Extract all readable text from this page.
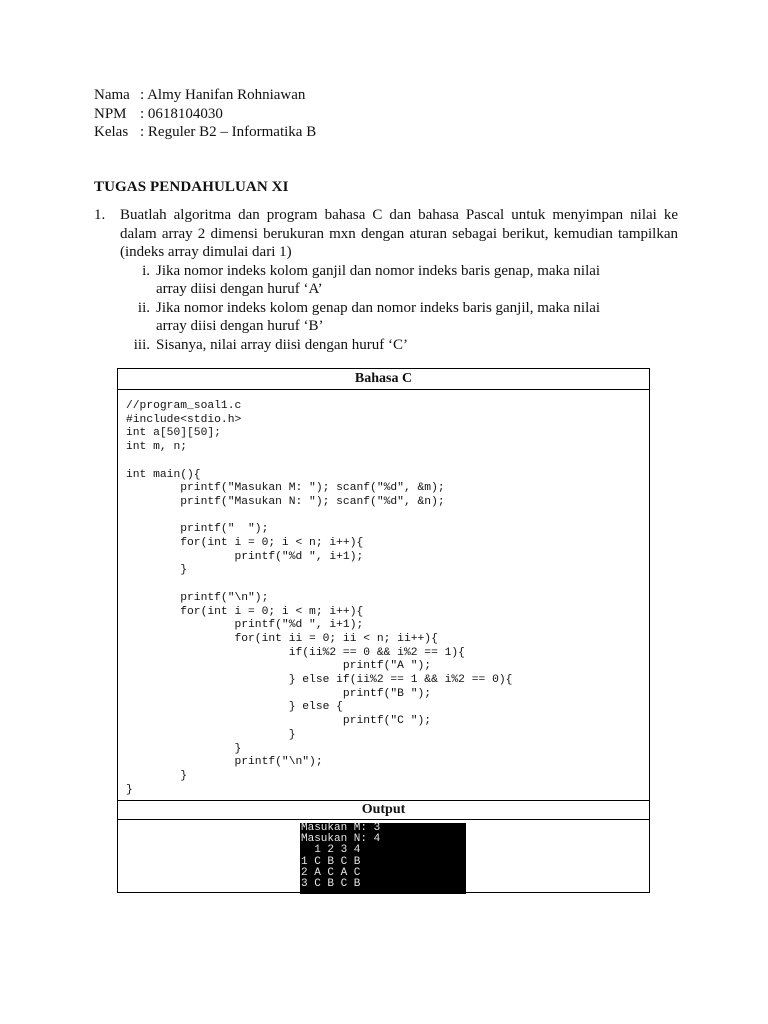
Nama : Almy Hanifan Rohniawan
NPM : 0618104030
Kelas : Reguler B2 – Informatika B
TUGAS PENDAHULUAN XI
1. Buatlah algoritma dan program bahasa C dan bahasa Pascal untuk menyimpan nilai ke dalam array 2 dimensi berukuran mxn dengan aturan sebagai berikut, kemudian tampilkan (indeks array dimulai dari 1)
i. Jika nomor indeks kolom ganjil dan nomor indeks baris genap, maka nilai array diisi dengan huruf ‘A’
ii. Jika nomor indeks kolom genap dan nomor indeks baris ganjil, maka nilai array diisi dengan huruf ‘B’
iii. Sisanya, nilai array diisi dengan huruf ‘C’
Bahasa C
//program_soal1.c
#include<stdio.h>
int a[50][50];
int m, n;

int main(){
printf("Masukan M: "); scanf("%d", &m);
printf("Masukan N: "); scanf("%d", &n);

printf("  ");
for(int i = 0; i < n; i++){
printf("%d ", i+1);
}

printf("\n");
for(int i = 0; i < m; i++){
printf("%d ", i+1);
for(int ii = 0; ii < n; ii++){
if(ii%2 == 0 && i%2 == 1){
printf("A ");
} else if(ii%2 == 1 && i%2 == 0){
printf("B ");
} else {
printf("C ");
}
}
printf("\n");
}
}
Output
Masukan M: 3
Masukan N: 4
1 2 3 4
1 C B C B
2 A C A C
3 C B C B
